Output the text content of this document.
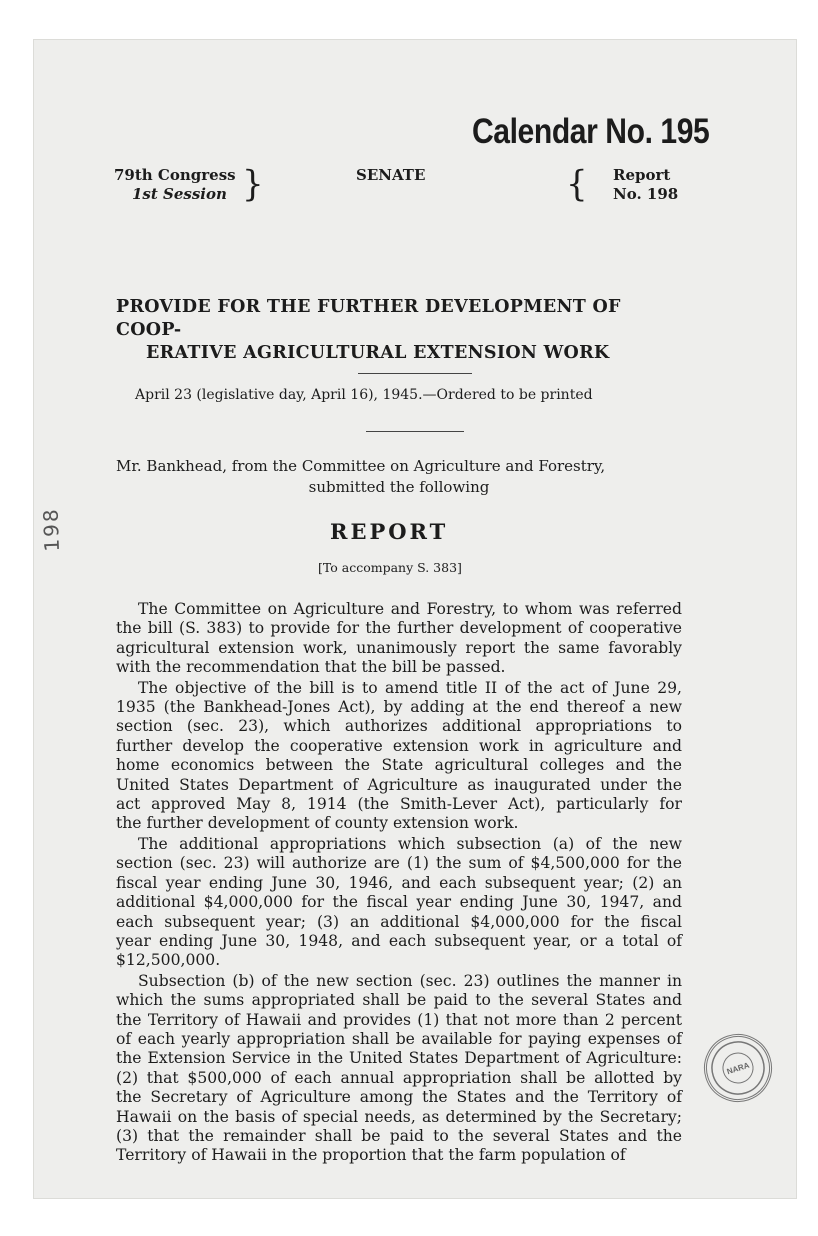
Calendar No. 195
79th Congress
1st Session }	SENATE	{ Report
No. 198
PROVIDE FOR THE FURTHER DEVELOPMENT OF COOP-
ERATIVE AGRICULTURAL EXTENSION WORK
April 23 (legislative day, April 16), 1945.—Ordered to be printed
Mr. Bankhead, from the Committee on Agriculture and Forestry,
submitted the following
REPORT
[To accompany S. 383]

The Committee on Agriculture and Forestry, to whom was referred
the bill (S. 383) to provide for the further development of cooperative
agricultural extension work, unanimously report the same favorably
with the recommendation that the bill be passed.

The objective of the bill is to amend title II of the act of June 29,
1935 (the Bankhead-Jones Act), by adding at the end thereof a new
section (sec. 23), which authorizes additional appropriations to
further develop the cooperative extension work in agriculture and
home economics between the State agricultural colleges and the
United States Department of Agriculture as inaugurated under the
act approved May 8, 1914 (the Smith-Lever Act), particularly for
the further development of county extension work.

The additional appropriations which subsection (a) of the new
section (sec. 23) will authorize are (1) the sum of $4,500,000 for the
fiscal year ending June 30, 1946, and each subsequent year; (2) an
additional $4,000,000 for the fiscal year ending June 30, 1947, and
each subsequent year; (3) an additional $4,000,000 for the fiscal
year ending June 30, 1948, and each subsequent year, or a total of
$12,500,000.

Subsection (b) of the new section (sec. 23) outlines the manner in
which the sums appropriated shall be paid to the several States and
the Territory of Hawaii and provides (1) that not more than 2 percent
of each yearly appropriation shall be available for paying expenses of
the Extension Service in the United States Department of Agriculture:
(2) that $500,000 of each annual appropriation shall be allotted by
the Secretary of Agriculture among the States and the Territory of
Hawaii on the basis of special needs, as determined by the Secretary;
(3) that the remainder shall be paid to the several States and the
Territory of Hawaii in the proportion that the farm population of

198
NARA
